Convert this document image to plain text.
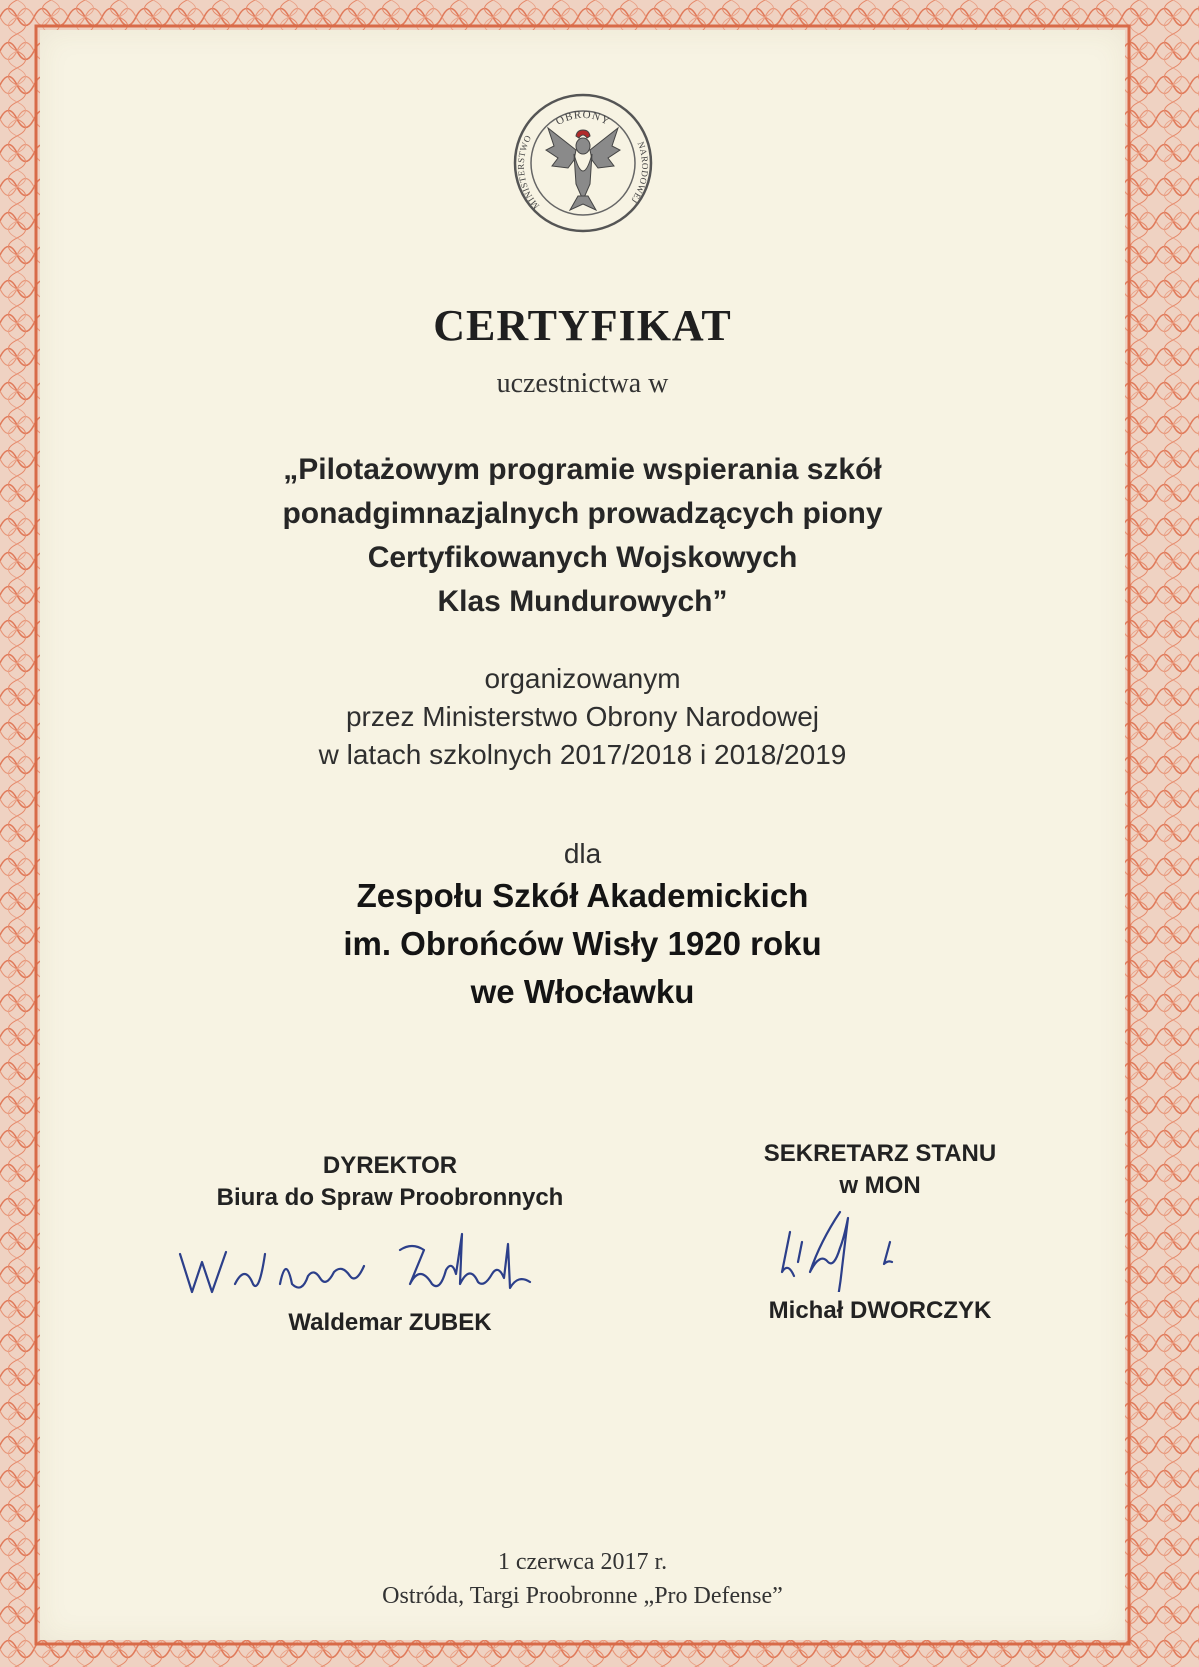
OBRONY
MINISTERSTWO
NARODOWEJ
CERTYFIKAT
uczestnictwa w
„Pilotażowym programie wspierania szkół
ponadgimnazjalnych prowadzących piony
Certyfikowanych Wojskowych
Klas Mundurowych”
organizowanym
przez Ministerstwo Obrony Narodowej
w latach szkolnych 2017/2018 i 2018/2019
dla
Zespołu Szkół Akademickich
im. Obrońców Wisły 1920 roku
we Włocławku
DYREKTOR
Biura do Spraw Proobronnych
Waldemar ZUBEK
SEKRETARZ STANU
w MON
Michał DWORCZYK
1 czerwca 2017 r.
Ostróda, Targi Proobronne „Pro Defense”
